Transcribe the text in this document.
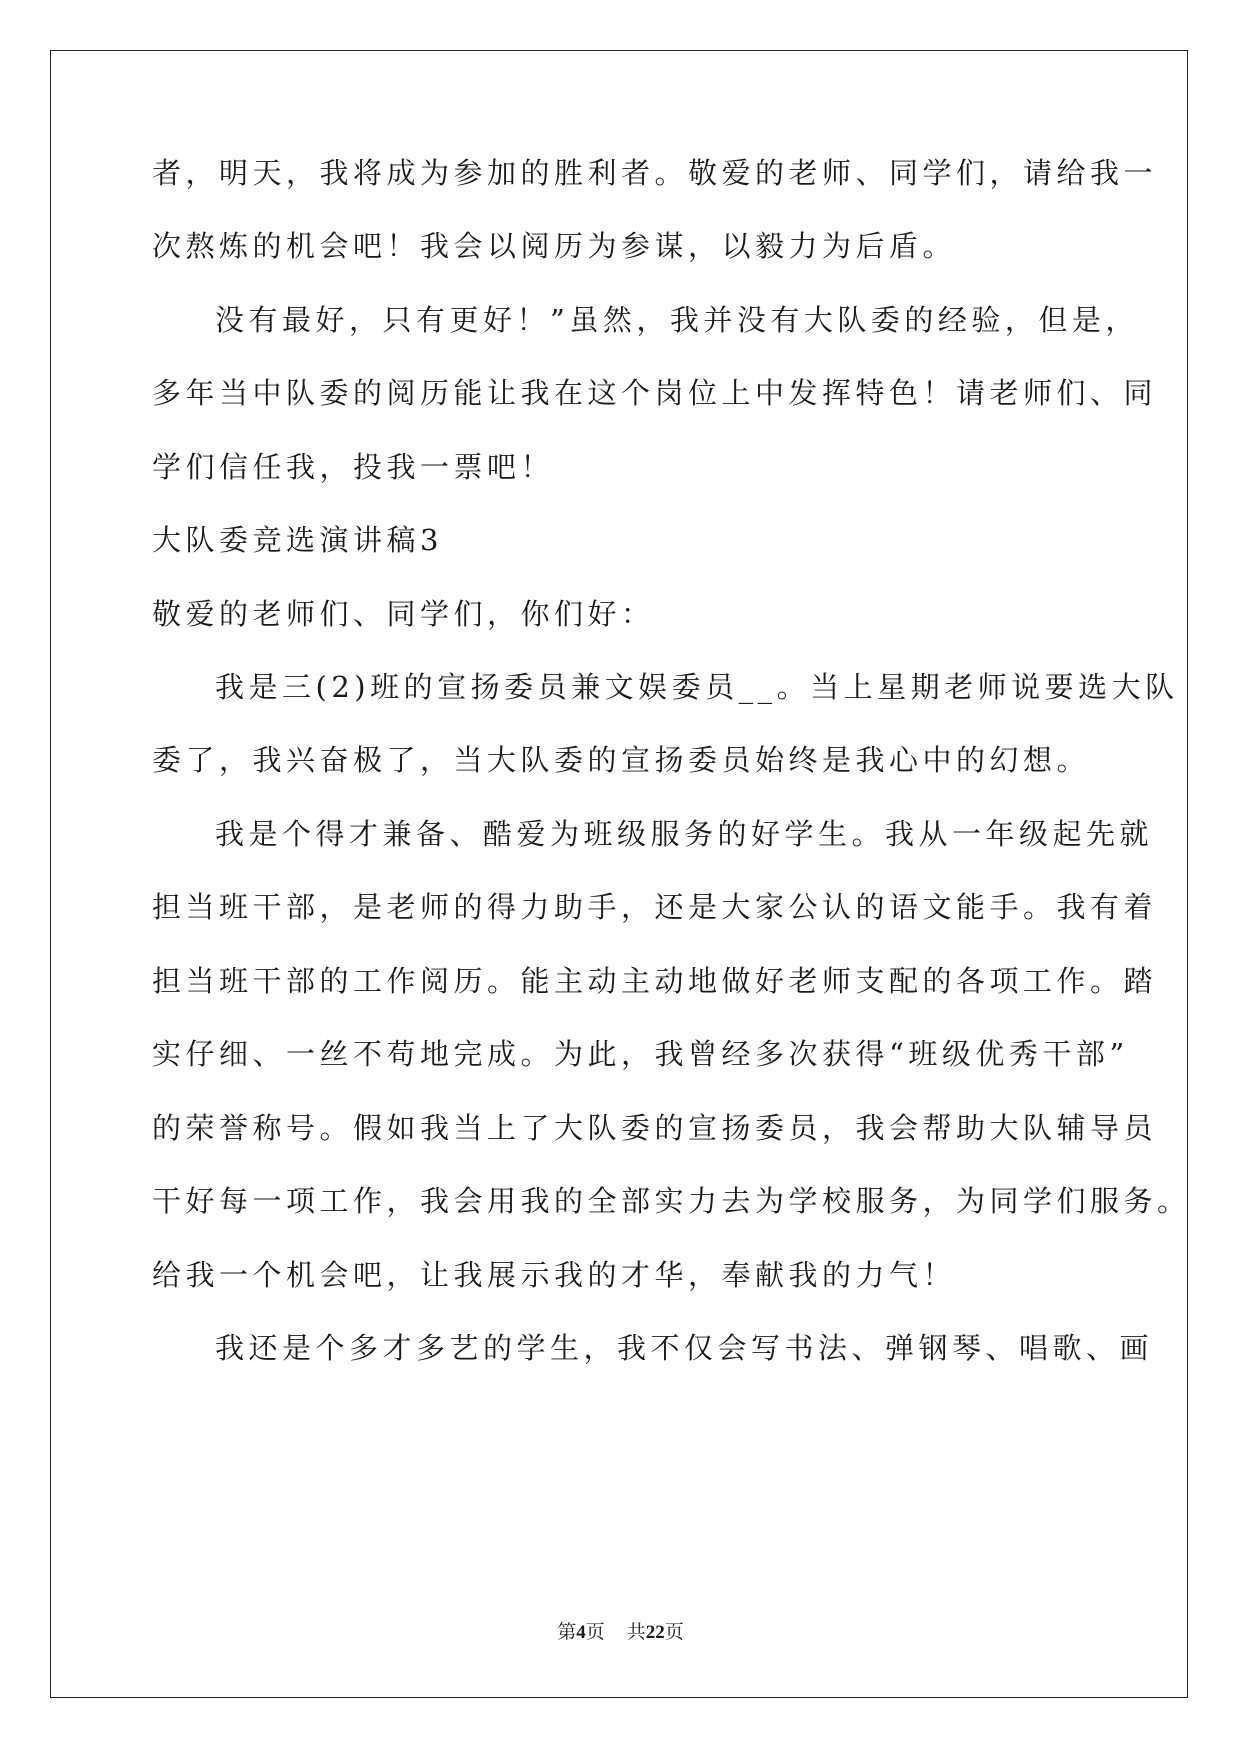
者，明天，我将成为参加的胜利者。敬爱的老师、同学们，请给我一
次熬炼的机会吧！我会以阅历为参谋，以毅力为后盾。
没有最好，只有更好！”虽然，我并没有大队委的经验，但是，
多年当中队委的阅历能让我在这个岗位上中发挥特色！请老师们、同
学们信任我，投我一票吧！
大队委竞选演讲稿3
敬爱的老师们、同学们，你们好：
我是三(2)班的宣扬委员兼文娱委员__。当上星期老师说要选大队
委了，我兴奋极了，当大队委的宣扬委员始终是我心中的幻想。
我是个得才兼备、酷爱为班级服务的好学生。我从一年级起先就
担当班干部，是老师的得力助手，还是大家公认的语文能手。我有着
担当班干部的工作阅历。能主动主动地做好老师支配的各项工作。踏
实仔细、一丝不苟地完成。为此，我曾经多次获得“班级优秀干部”
的荣誉称号。假如我当上了大队委的宣扬委员，我会帮助大队辅导员
干好每一项工作，我会用我的全部实力去为学校服务，为同学们服务。
给我一个机会吧，让我展示我的才华，奉献我的力气！
我还是个多才多艺的学生，我不仅会写书法、弹钢琴、唱歌、画
第4页 共22页
